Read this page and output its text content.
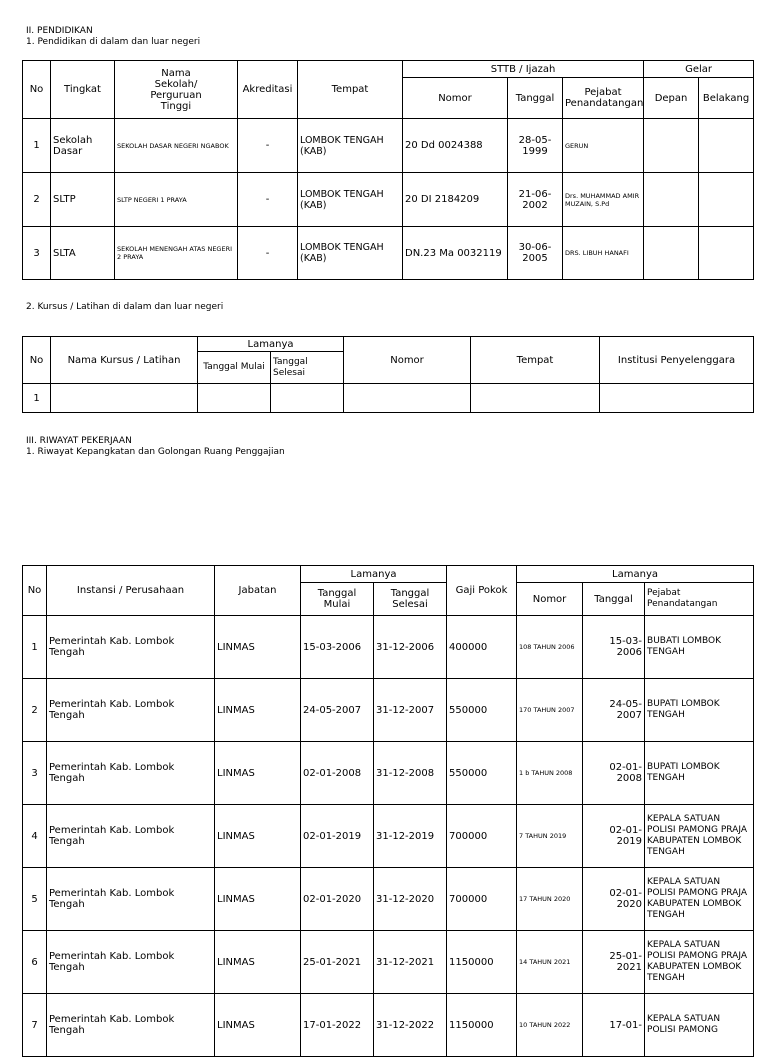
II. PENDIDIKAN
1. Pendidikan di dalam dan luar negeri
No	Tingkat	Nama Sekolah/ Perguruan Tinggi	Akreditasi	Tempat	STTB / Ijazah			Gelar	
					Nomor	Tanggal	Pejabat Penandatangan	Depan	Belakang
1	Sekolah Dasar	SEKOLAH DASAR NEGERI NGABOK	-	LOMBOK TENGAH (KAB)	20 Dd 0024388	28-05-1999	GERUN		
2	SLTP	SLTP NEGERI 1 PRAYA	-	LOMBOK TENGAH (KAB)	20 DI 2184209	21-06-2002	Drs. MUHAMMAD AMIR MUZAIN, S.Pd		
3	SLTA	SEKOLAH MENENGAH ATAS NEGERI 2 PRAYA	-	LOMBOK TENGAH (KAB)	DN.23 Ma 0032119	30-06-2005	DRS. LIBUH HANAFI		
2. Kursus / Latihan di dalam dan luar negeri
No	Nama Kursus / Latihan	Lamanya		Nomor	Tempat	Institusi Penyelenggara
		Tanggal Mulai	Tanggal Selesai			
1						
III. RIWAYAT PEKERJAAN
1. Riwayat Kepangkatan dan Golongan Ruang Penggajian
No	Instansi / Perusahaan	Jabatan	Lamanya		Gaji Pokok	Lamanya		
			Tanggal Mulai	Tanggal Selesai		Nomor	Tanggal	Pejabat Penandatangan
1	Pemerintah Kab. Lombok Tengah	LINMAS	15-03-2006	31-12-2006	400000	108 TAHUN 2006	15-03-2006	BUBATI LOMBOK TENGAH
2	Pemerintah Kab. Lombok Tengah	LINMAS	24-05-2007	31-12-2007	550000	170 TAHUN 2007	24-05-2007	BUPATI LOMBOK TENGAH
3	Pemerintah Kab. Lombok Tengah	LINMAS	02-01-2008	31-12-2008	550000	1 b TAHUN 2008	02-01-2008	BUPATI LOMBOK TENGAH
4	Pemerintah Kab. Lombok Tengah	LINMAS	02-01-2019	31-12-2019	700000	7 TAHUN 2019	02-01-2019	KEPALA SATUAN POLISI PAMONG PRAJA KABUPATEN LOMBOK TENGAH
5	Pemerintah Kab. Lombok Tengah	LINMAS	02-01-2020	31-12-2020	700000	17 TAHUN 2020	02-01-2020	KEPALA SATUAN POLISI PAMONG PRAJA KABUPATEN LOMBOK TENGAH
6	Pemerintah Kab. Lombok Tengah	LINMAS	25-01-2021	31-12-2021	1150000	14 TAHUN 2021	25-01-2021	KEPALA SATUAN POLISI PAMONG PRAJA KABUPATEN LOMBOK TENGAH
7	Pemerintah Kab. Lombok Tengah	LINMAS	17-01-2022	31-12-2022	1150000	10 TAHUN 2022	17-01-	KEPALA SATUAN POLISI PAMONG
